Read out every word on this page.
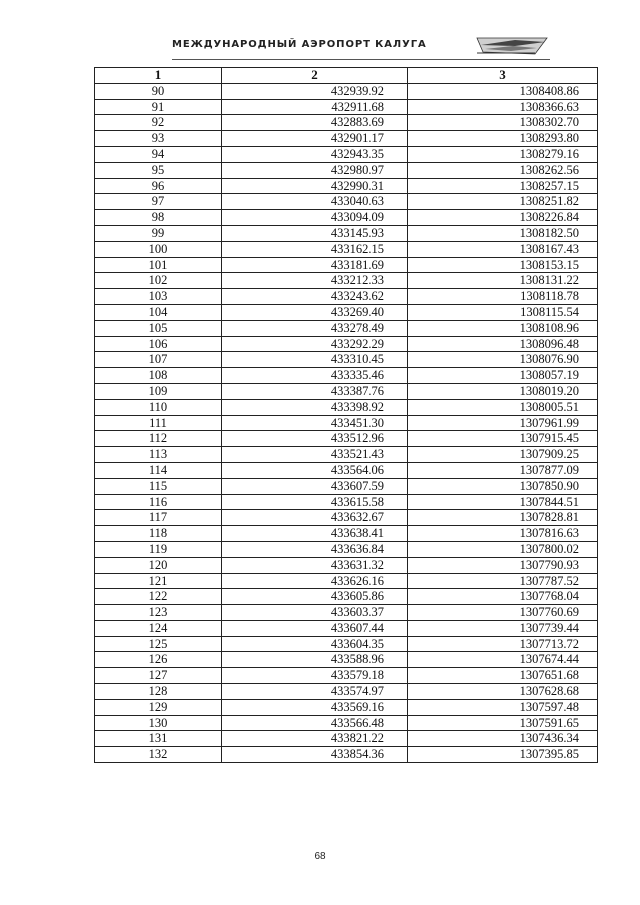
МЕЖДУНАРОДНЫЙ АЭРОПОРТ КАЛУГА
1	2	3
90	432939.92	1308408.86
91	432911.68	1308366.63
92	432883.69	1308302.70
93	432901.17	1308293.80
94	432943.35	1308279.16
95	432980.97	1308262.56
96	432990.31	1308257.15
97	433040.63	1308251.82
98	433094.09	1308226.84
99	433145.93	1308182.50
100	433162.15	1308167.43
101	433181.69	1308153.15
102	433212.33	1308131.22
103	433243.62	1308118.78
104	433269.40	1308115.54
105	433278.49	1308108.96
106	433292.29	1308096.48
107	433310.45	1308076.90
108	433335.46	1308057.19
109	433387.76	1308019.20
110	433398.92	1308005.51
111	433451.30	1307961.99
112	433512.96	1307915.45
113	433521.43	1307909.25
114	433564.06	1307877.09
115	433607.59	1307850.90
116	433615.58	1307844.51
117	433632.67	1307828.81
118	433638.41	1307816.63
119	433636.84	1307800.02
120	433631.32	1307790.93
121	433626.16	1307787.52
122	433605.86	1307768.04
123	433603.37	1307760.69
124	433607.44	1307739.44
125	433604.35	1307713.72
126	433588.96	1307674.44
127	433579.18	1307651.68
128	433574.97	1307628.68
129	433569.16	1307597.48
130	433566.48	1307591.65
131	433821.22	1307436.34
132	433854.36	1307395.85
68
